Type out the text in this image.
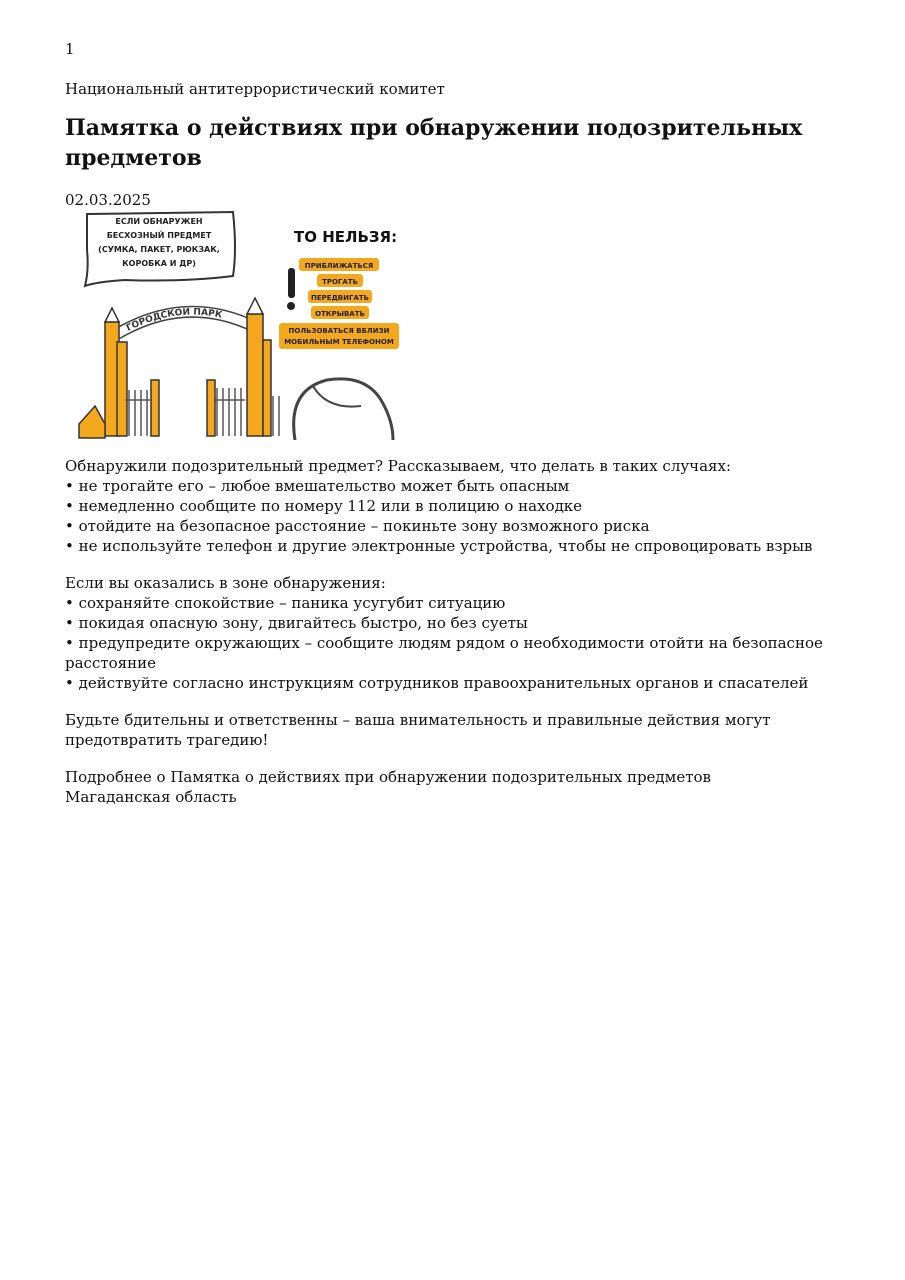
1
Национальный антитеррористический комитет
Памятка о действиях при обнаружении подозрительных предметов
02.03.2025
ЕСЛИ ОБНАРУЖЕН
БЕСХОЗНЫЙ ПРЕДМЕТ
(СУМКА, ПАКЕТ, РЮКЗАК,
КОРОБКА И ДР)
ТО НЕЛЬЗЯ:
ПРИБЛИЖАТЬСЯ
ТРОГАТЬ
ПЕРЕДВИГАТЬ
ОТКРЫВАТЬ
ПОЛЬЗОВАТЬСЯ ВБЛИЗИ
МОБИЛЬНЫМ ТЕЛЕФОНОМ
ГОРОДСКОЙ ПАРК

Обнаружили подозрительный предмет? Рассказываем, что делать в таких случаях:

• не трогайте его – любое вмешательство может быть опасным

• немедленно сообщите по номеру 112 или в полицию о находке

• отойдите на безопасное расстояние – покиньте зону возможного риска

• не используйте телефон и другие электронные устройства, чтобы не спровоцировать взрыв

Если вы оказались в зоне обнаружения:

• сохраняйте спокойствие – паника усугубит ситуацию

• покидая опасную зону, двигайтесь быстро, но без суеты

• предупредите окружающих – сообщите людям рядом о необходимости отойти на безопасное расстояние

• действуйте согласно инструкциям сотрудников правоохранительных органов и спасателей

Будьте бдительны и ответственны – ваша внимательность и правильные действия могут предотвратить трагедию!

Подробнее о Памятка о действиях при обнаружении подозрительных предметов

Магаданская область
